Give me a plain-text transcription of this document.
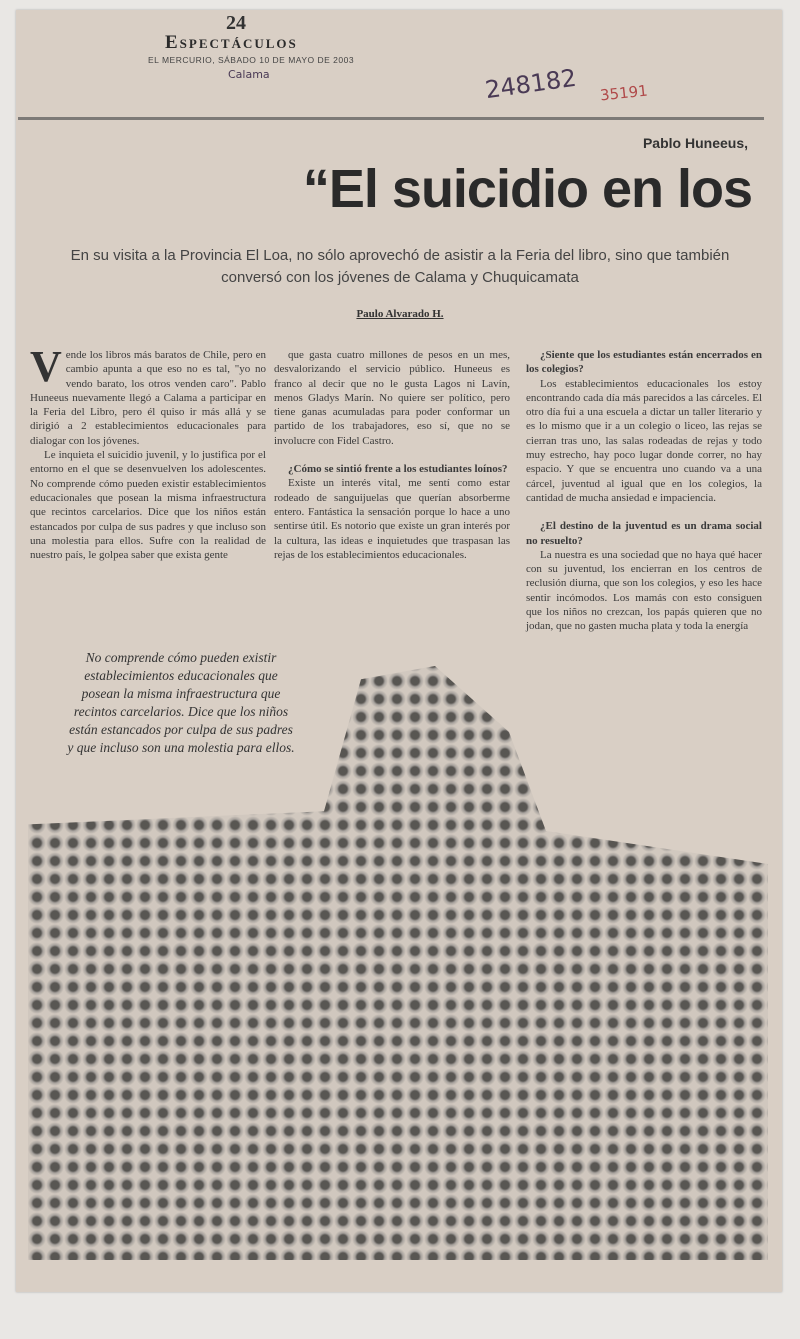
24
Espectáculos
EL MERCURIO, SÁBADO 10 DE MAYO DE 2003
Calama	248182 35191
Pablo Huneeus,
“El suicidio en los
En su visita a la Provincia El Loa, no sólo aprovechó de asistir a la Feria del libro, sino que también conversó con los jóvenes de Calama y Chuquicamata
Paulo Alvarado H.

Vende los libros más baratos de Chile, pero en cambio apunta a que eso no es tal, "yo no vendo barato, los otros venden caro". Pablo Huneeus nuevamente llegó a Calama a participar en la Feria del Libro, pero él quiso ir más allá y se dirigió a 2 establecimientos educacionales para dialogar con los jóvenes.

Le inquieta el suicidio juvenil, y lo justifica por el entorno en el que se desenvuelven los adolescentes. No comprende cómo pueden existir establecimientos educacionales que posean la misma infraestructura que recintos carcelarios. Dice que los niños están estancados por culpa de sus padres y que incluso son una molestia para ellos. Sufre con la realidad de nuestro país, le golpea saber que exista gente

que gasta cuatro millones de pesos en un mes, desvalorizando el servicio público. Huneeus es franco al decir que no le gusta Lagos ni Lavín, menos Gladys Marín. No quiere ser político, pero tiene ganas acumuladas para poder conformar un partido de los trabajadores, eso sí, que no se involucre con Fidel Castro.

¿Cómo se sintió frente a los estudiantes loínos?

Existe un interés vital, me sentí como estar rodeado de sanguijuelas que querían absorberme entero. Fantástica la sensación porque lo hace a uno sentirse útil. Es notorio que existe un gran interés por la cultura, las ideas e inquietudes que traspasan las rejas de los establecimientos educacionales.

¿Siente que los estudiantes están encerrados en los colegios?

Los establecimientos educacionales los estoy encontrando cada día más parecidos a las cárceles. El otro día fui a una escuela a dictar un taller literario y es lo mismo que ir a un colegio o liceo, las rejas se cierran tras uno, las salas rodeadas de rejas y todo muy estrecho, hay poco lugar donde correr, no hay espacio. Y que se encuentra uno cuando va a una cárcel, juventud al igual que en los colegios, la cantidad de mucha ansiedad e impaciencia.

¿El destino de la juventud es un drama social no resuelto?

La nuestra es una sociedad que no haya qué hacer con su juventud, los encierran en los centros de reclusión diurna, que son los colegios, y eso les hace sentir incómodos. Los mamás con esto consiguen que los niños no crezcan, los papás quieren que no jodan, que no gasten mucha plata y toda la energía

No comprende cómo pueden existir establecimientos educacionales que posean la misma infraestructura que recintos carcelarios. Dice que los niños están estancados por culpa de sus padres y que incluso son una molestia para ellos.
